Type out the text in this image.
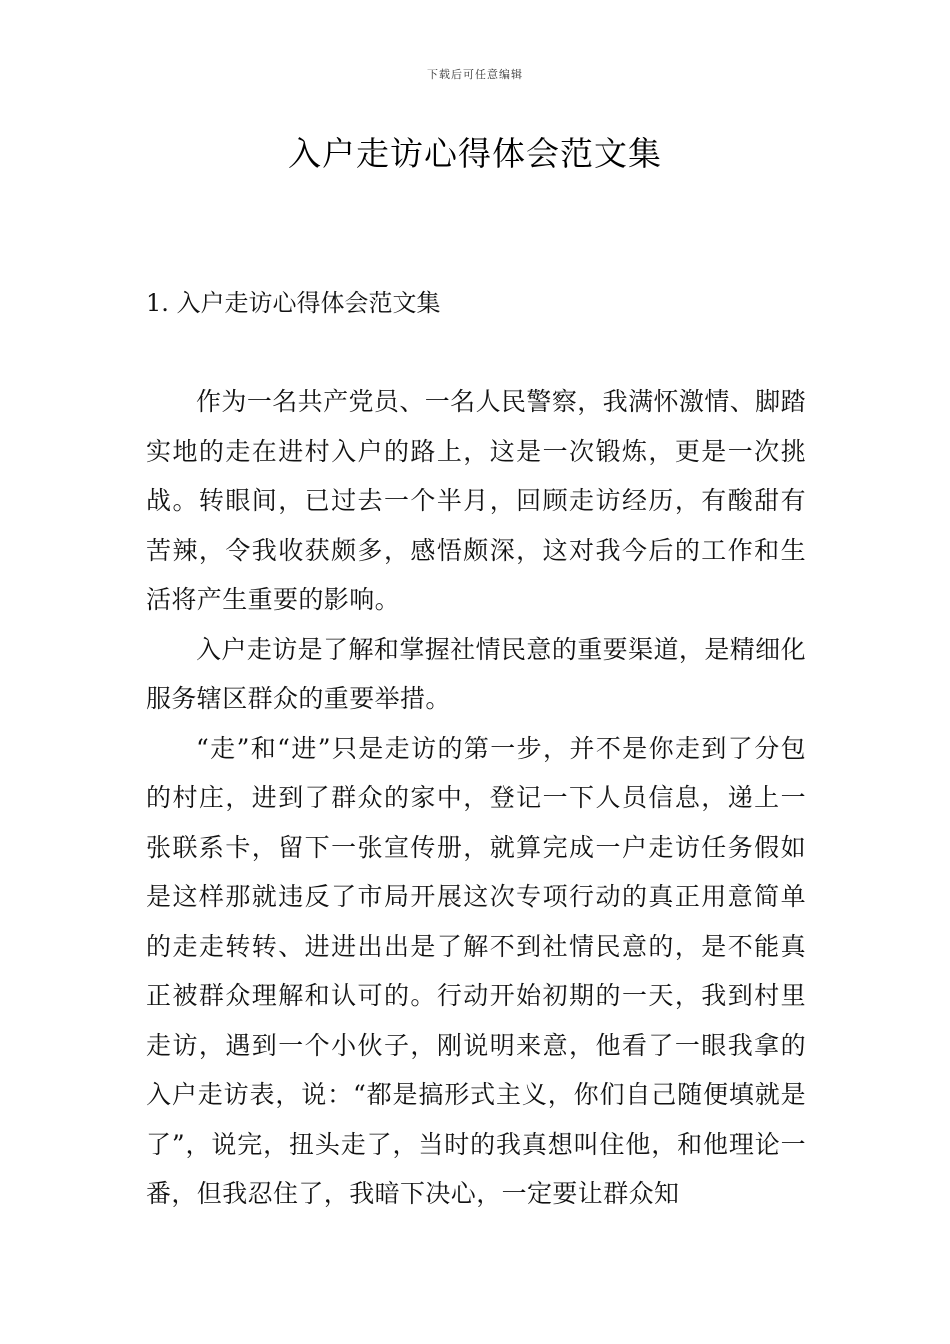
下载后可任意编辑
入户走访心得体会范文集
1. 入户走访心得体会范文集

作为一名共产党员、一名人民警察，我满怀激情、脚踏实地的走在进村入户的路上，这是一次锻炼，更是一次挑战。转眼间，已过去一个半月，回顾走访经历，有酸甜有苦辣，令我收获颇多，感悟颇深，这对我今后的工作和生活将产生重要的影响。

入户走访是了解和掌握社情民意的重要渠道，是精细化服务辖区群众的重要举措。

“走”和“进”只是走访的第一步，并不是你走到了分包的村庄，进到了群众的家中，登记一下人员信息，递上一张联系卡，留下一张宣传册，就算完成一户走访任务假如是这样那就违反了市局开展这次专项行动的真正用意简单的走走转转、进进出出是了解不到社情民意的，是不能真正被群众理解和认可的。行动开始初期的一天，我到村里走访，遇到一个小伙子，刚说明来意，他看了一眼我拿的入户走访表，说：“都是搞形式主义，你们自己随便填就是了”，说完，扭头走了，当时的我真想叫住他，和他理论一番，但我忍住了，我暗下决心，一定要让群众知
